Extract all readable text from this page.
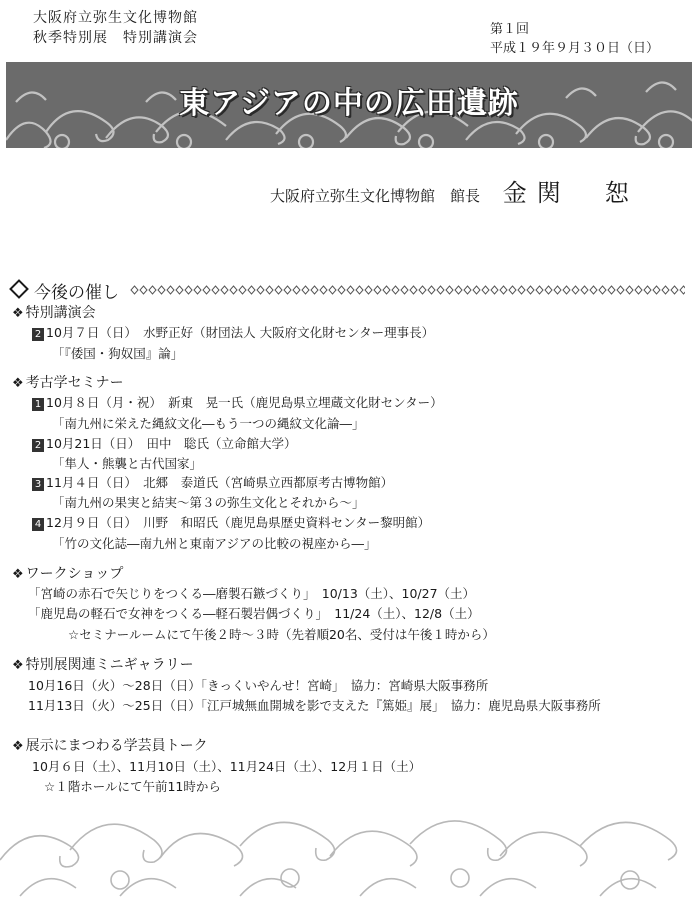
大阪府立弥生文化博物館
秋季特別展　特別講演会
第１回
平成１９年９月３０日（日）
東アジアの中の広田遺跡
大阪府立弥生文化博物館　館長 金関　恕
今後の催し
❖ 特別講演会
2 10月７日（日）　水野正好（財団法人 大阪府文化財センター理事長）
「『倭国・狗奴国』論」
❖ 考古学セミナー
1 10月８日（月・祝）　新東　晃一氏（鹿児島県立埋蔵文化財センター）
「南九州に栄えた縄紋文化―もう一つの縄紋文化論―」
2 10月21日（日）　田中　聡氏（立命館大学）
「隼人・熊襲と古代国家」
3 11月４日（日）　北郷　泰道氏（宮崎県立西都原考古博物館）
「南九州の果実と結実～第３の弥生文化とそれから～」
4 12月９日（日）　川野　和昭氏（鹿児島県歴史資料センター黎明館）
「竹の文化誌―南九州と東南アジアの比較の視座から―」
❖ ワークショップ
「宮崎の赤石で矢じりをつくる―磨製石鏃づくり」　10/13（土）、10/27（土）
「鹿児島の軽石で女神をつくる―軽石製岩偶づくり」　11/24（土）、12/8（土）
☆セミナールームにて午後２時～３時（先着順20名、受付は午後１時から）
❖ 特別展関連ミニギャラリー
10月16日（火）～28日（日）「きっくいやんせ！宮崎」　協力：宮崎県大阪事務所
11月13日（火）～25日（日）「江戸城無血開城を影で支えた『篤姫』展」　協力：鹿児島県大阪事務所
❖ 展示にまつわる学芸員トーク
10月６日（土）、11月10日（土）、11月24日（土）、12月１日（土）
☆１階ホールにて午前11時から
